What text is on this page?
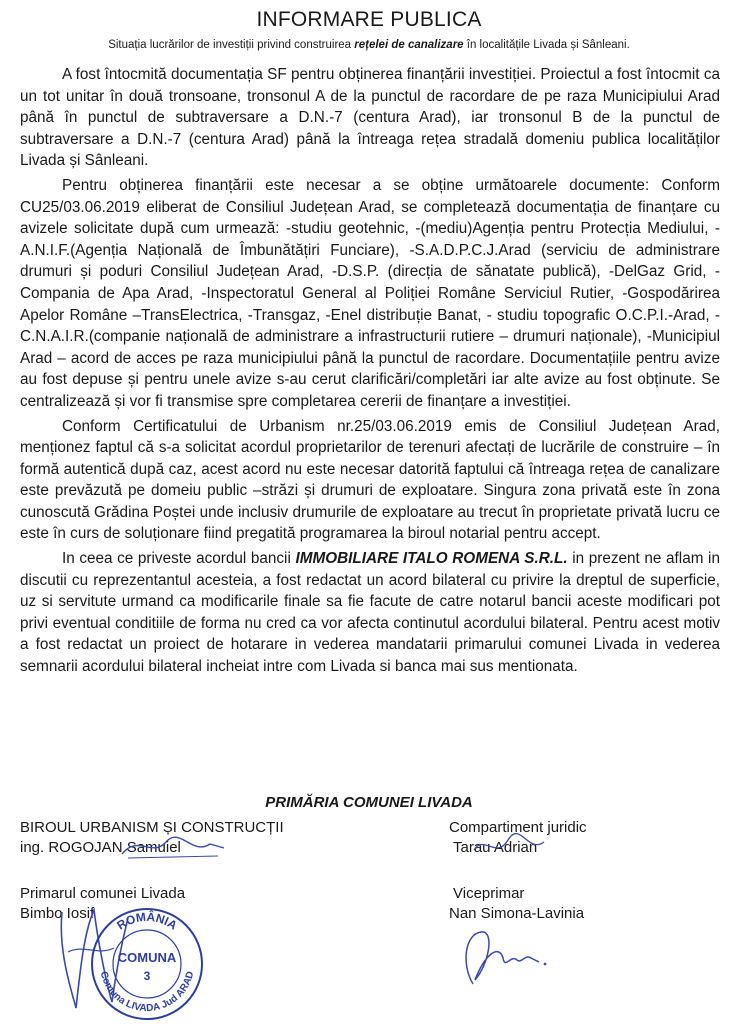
INFORMARE PUBLICA
Situația lucrărilor de investiții privind construirea rețelei de canalizare în localitățile Livada și Sânleani.

A fost întocmită documentația SF pentru obținerea finanțării investiției. Proiectul a fost întocmit ca un tot unitar în două tronsoane, tronsonul A de la punctul de racordare de pe raza Municipiului Arad până în punctul de subtraversare a D.N.-7 (centura Arad), iar tronsonul B de la punctul de subtraversare a D.N.-7 (centura Arad) până la întreaga rețea stradală domeniu publica localităților Livada și Sânleani.

Pentru obținerea finanțării este necesar a se obține următoarele documente: Conform CU25/03.06.2019 eliberat de Consiliul Județean Arad, se completează documentația de finanțare cu avizele solicitate după cum urmează: -studiu geotehnic, -(mediu)Agenția pentru Protecția Mediului, -A.N.I.F.(Agenția Națională de Îmbunătățiri Funciare), -S.A.D.P.C.J.Arad (serviciu de administrare drumuri și poduri Consiliul Județean Arad, -D.S.P. (direcția de sănatate publică), -DelGaz Grid, - Compania de Apa Arad, -Inspectoratul General al Poliției Române Serviciul Rutier, -Gospodărirea Apelor Române –TransElectrica, -Transgaz, -Enel distribuție Banat, - studiu topografic O.C.P.I.-Arad, -C.N.A.I.R.(companie națională de administrare a infrastructurii rutiere – drumuri naționale), -Municipiul Arad – acord de acces pe raza municipiului până la punctul de racordare. Documentațiile pentru avize au fost depuse și pentru unele avize s-au cerut clarificări/completări iar alte avize au fost obținute. Se centralizează și vor fi transmise spre completarea cererii de finanțare a investiției.

Conform Certificatului de Urbanism nr.25/03.06.2019 emis de Consiliul Județean Arad, menționez faptul că s-a solicitat acordul proprietarilor de terenuri afectați de lucrările de construire – în formă autentică după caz, acest acord nu este necesar datorită faptului că întreaga rețea de canalizare este prevăzută pe domeiu public –străzi și drumuri de exploatare. Singura zona privată este în zona cunoscută Grădina Poștei unde inclusiv drumurile de exploatare au trecut în proprietate privată lucru ce este în curs de soluționare fiind pregatită programarea la biroul notarial pentru accept.

In ceea ce priveste acordul bancii IMMOBILIARE ITALO ROMENA S.R.L. in prezent ne aflam in discutii cu reprezentantul acesteia, a fost redactat un acord bilateral cu privire la dreptul de superficie, uz si servitute urmand ca modificarile finale sa fie facute de catre notarul bancii aceste modificari pot privi eventual conditiile de forma nu cred ca vor afecta continutul acordului bilateral. Pentru acest motiv a fost redactat un proiect de hotarare in vederea mandatarii primarului comunei Livada in vederea semnarii acordului bilateral incheiat intre com Livada si banca mai sus mentionata.

PRIMĂRIA COMUNEI LIVADA
BIROUL URBANISM ȘI CONSTRUCȚII
ing. ROGOJAN Samuiel
Compartiment juridic
Tarau Adrian
Primarul comunei Livada
Bimbo Iosif
Viceprimar
Nan Simona-Lavinia
ROMÂNIA
COMUNA
3
Comuna LIVADA Jud ARAD
